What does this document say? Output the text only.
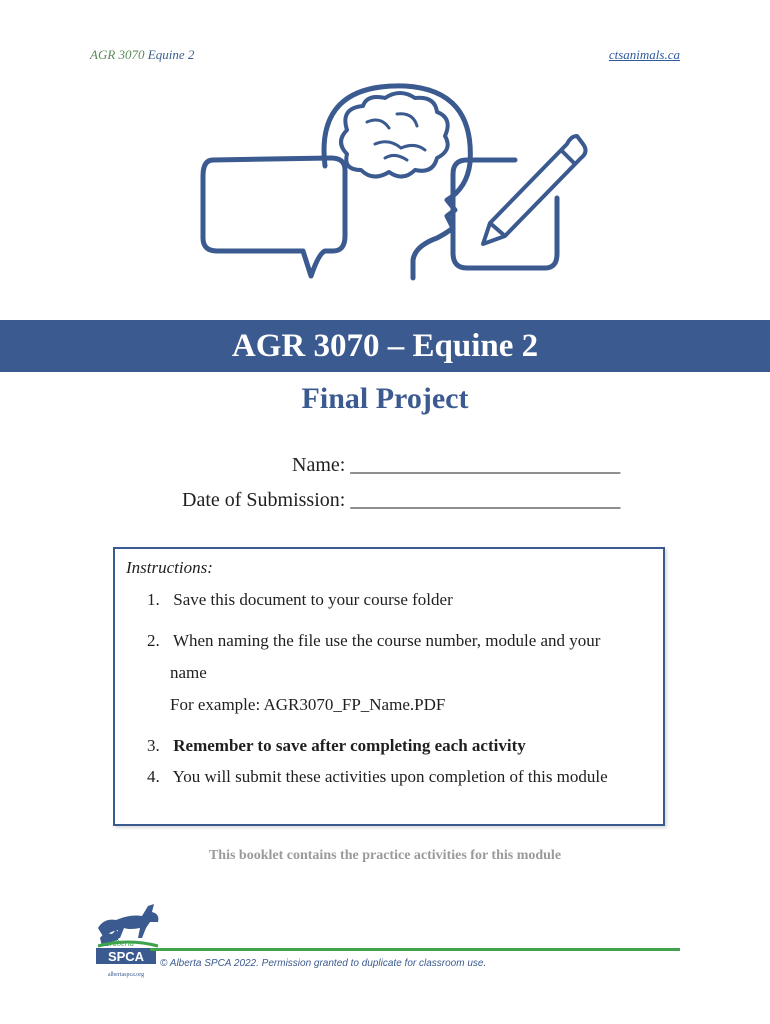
AGR 3070 Equine 2	ctsanimals.ca
AGR 3070 – Equine 2
Final Project
Name: ___________________________
Date of Submission: ___________________________
Instructions:
1. Save this document to your course folder
2. When naming the file use the course number, module and your
name
For example: AGR3070_FP_Name.PDF
3. Remember to save after completing each activity
4. You will submit these activities upon completion of this module
This booklet contains the practice activities for this module
Alberta
SPCA
albertaspca.org
© Alberta SPCA 2022. Permission granted to duplicate for classroom use.
